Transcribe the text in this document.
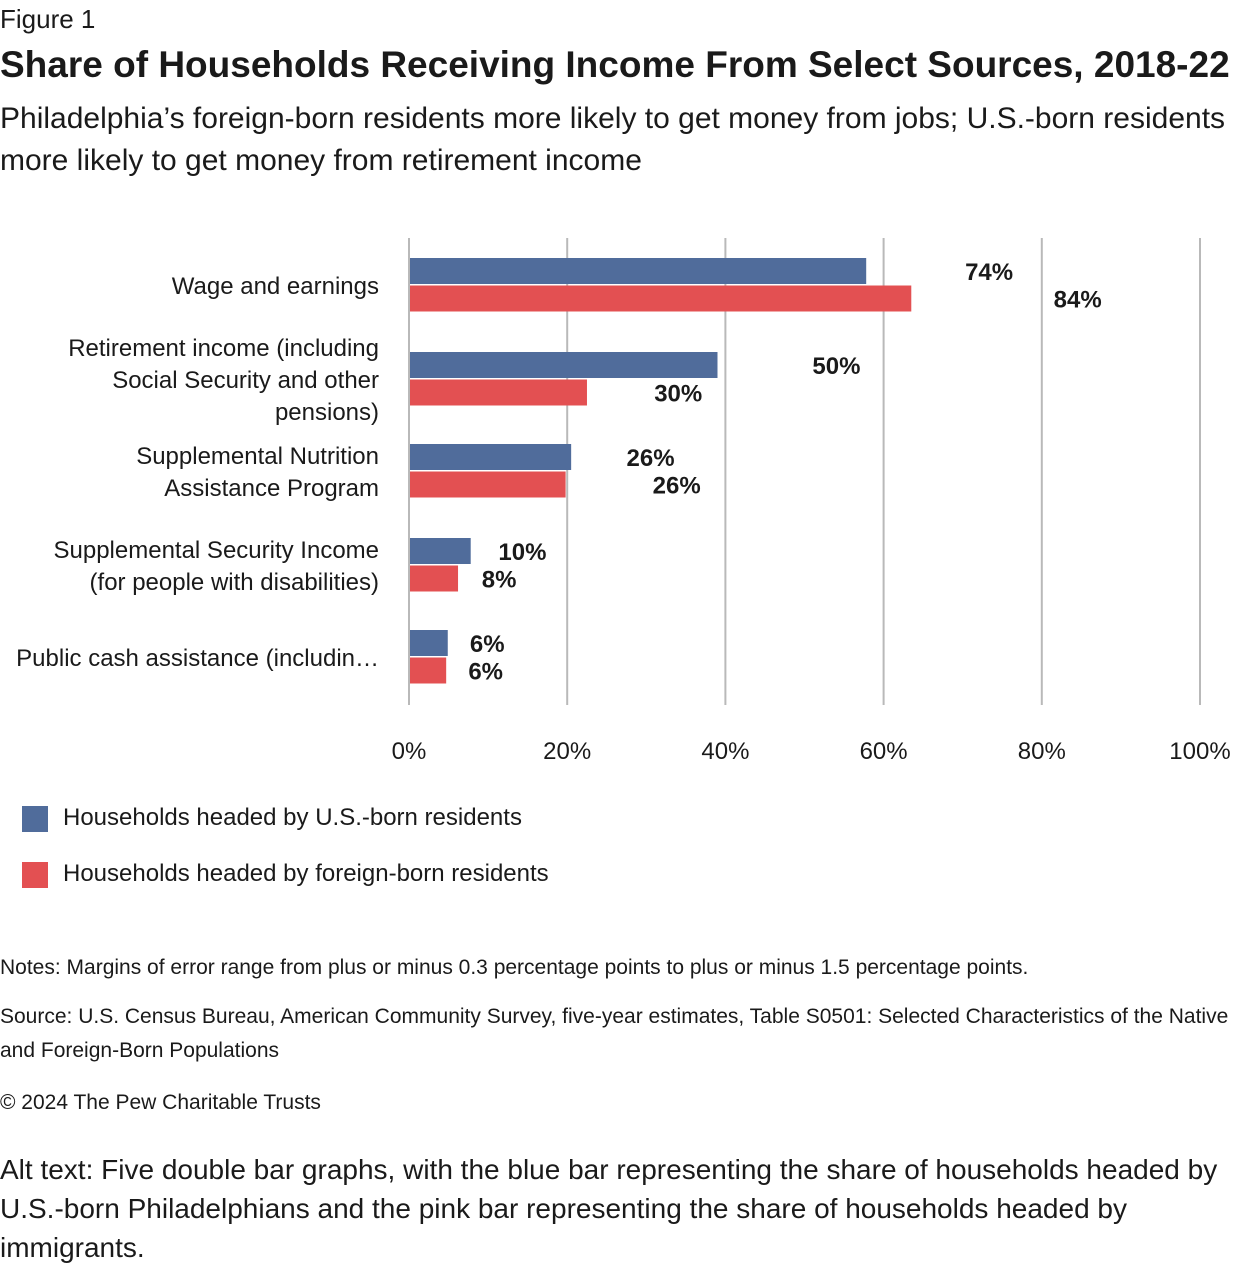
Figure 1
Share of Households Receiving Income From Select Sources, 2018-22
Philadelphia’s foreign-born residents more likely to get money from jobs; U.S.-born residents more likely to get money from retirement income
0%	20%	40%	60%	80%	100%
74%
84%
Wage and earnings
50%
30%
Retirement income (including
Social Security and other
pensions)
26%
26%
Supplemental Nutrition
Assistance Program
10%
8%
Supplemental Security Income
(for people with disabilities)
6%
6%
Public cash assistance (includin…
Households headed by U.S.-born residents
Households headed by foreign-born residents
Notes: Margins of error range from plus or minus 0.3 percentage points to plus or minus 1.5 percentage points.
Source: U.S. Census Bureau, American Community Survey, five-year estimates, Table S0501: Selected Characteristics of the Native and Foreign-Born Populations
© 2024 The Pew Charitable Trusts
Alt text: Five double bar graphs, with the blue bar representing the share of households headed by U.S.-born Philadelphians and the pink bar representing the share of households headed by immigrants.
